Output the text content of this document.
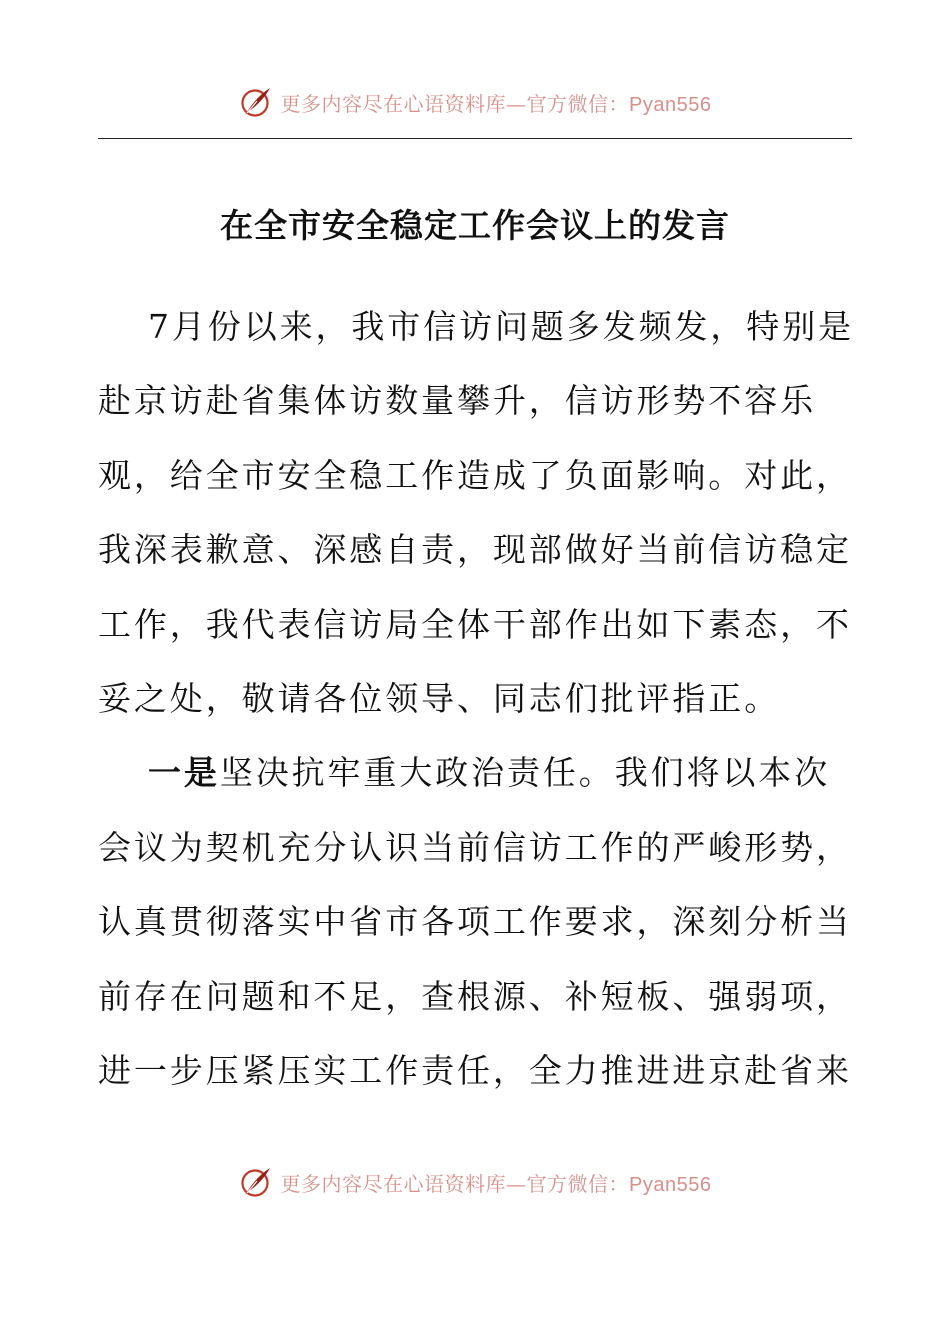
更多内容尽在心语资料库—官方微信：Pyan556
在全市安全稳定工作会议上的发言

7月份以来，我市信访问题多发频发，特别是赴京访赴省集体访数量攀升，信访形势不容乐观，给全市安全稳工作造成了负面影响。对此，我深表歉意、深感自责，现部做好当前信访稳定工作，我代表信访局全体干部作出如下素态，不妥之处，敬请各位领导、同志们批评指正。

一是坚决抗牢重大政治责任。我们将以本次会议为契机充分认识当前信访工作的严峻形势，认真贯彻落实中省市各项工作要求，深刻分析当前存在问题和不足，查根源、补短板、强弱项，进一步压紧压实工作责任，全力推进进京赴省来

更多内容尽在心语资料库—官方微信：Pyan556
